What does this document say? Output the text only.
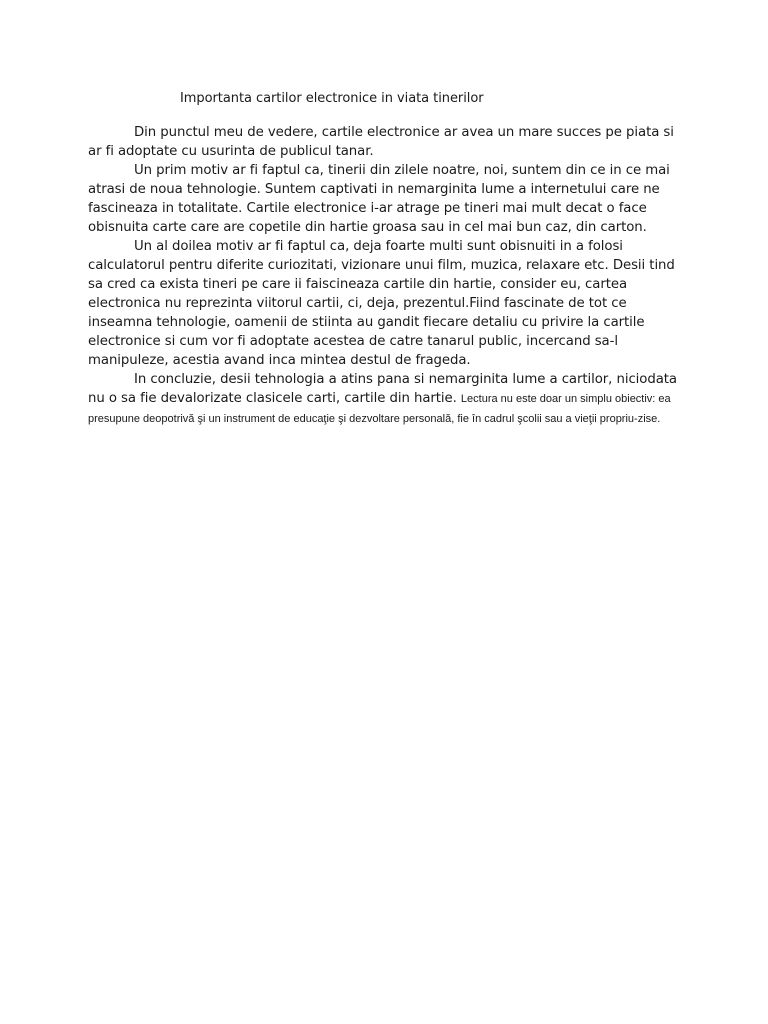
Importanta cartilor electronice in viata tinerilor

Din punctul meu de vedere, cartile electronice ar avea un mare succes pe piata si ar fi adoptate cu usurinta de publicul tanar.

Un prim motiv ar fi faptul ca, tinerii din zilele noatre, noi, suntem din ce in ce mai atrasi de noua tehnologie. Suntem captivati in nemarginita lume a internetului care ne fascineaza in totalitate. Cartile electronice i-ar atrage pe tineri mai mult decat o face obisnuita carte care are copetile din hartie groasa sau in cel mai bun caz, din carton.

Un al doilea motiv ar fi faptul ca, deja foarte multi sunt obisnuiti in a folosi calculatorul pentru diferite curiozitati, vizionare unui film, muzica, relaxare etc. Desii tind sa cred ca exista tineri pe care ii faiscineaza cartile din hartie, consider eu, cartea electronica nu reprezinta viitorul cartii, ci, deja, prezentul.Fiind fascinate de tot ce inseamna tehnologie, oamenii de stiinta au gandit fiecare detaliu cu privire la cartile electronice si cum vor fi adoptate acestea de catre tanarul public, incercand sa-l manipuleze, acestia avand inca mintea destul de frageda.

In concluzie, desii tehnologia a atins pana si nemarginita lume a cartilor, niciodata nu o sa fie devalorizate clasicele carti, cartile din hartie. Lectura nu este doar un simplu obiectiv: ea presupune deopotrivă şi un instrument de educaţie şi dezvoltare personală, fie în cadrul şcolii sau a vieţii propriu-zise.
